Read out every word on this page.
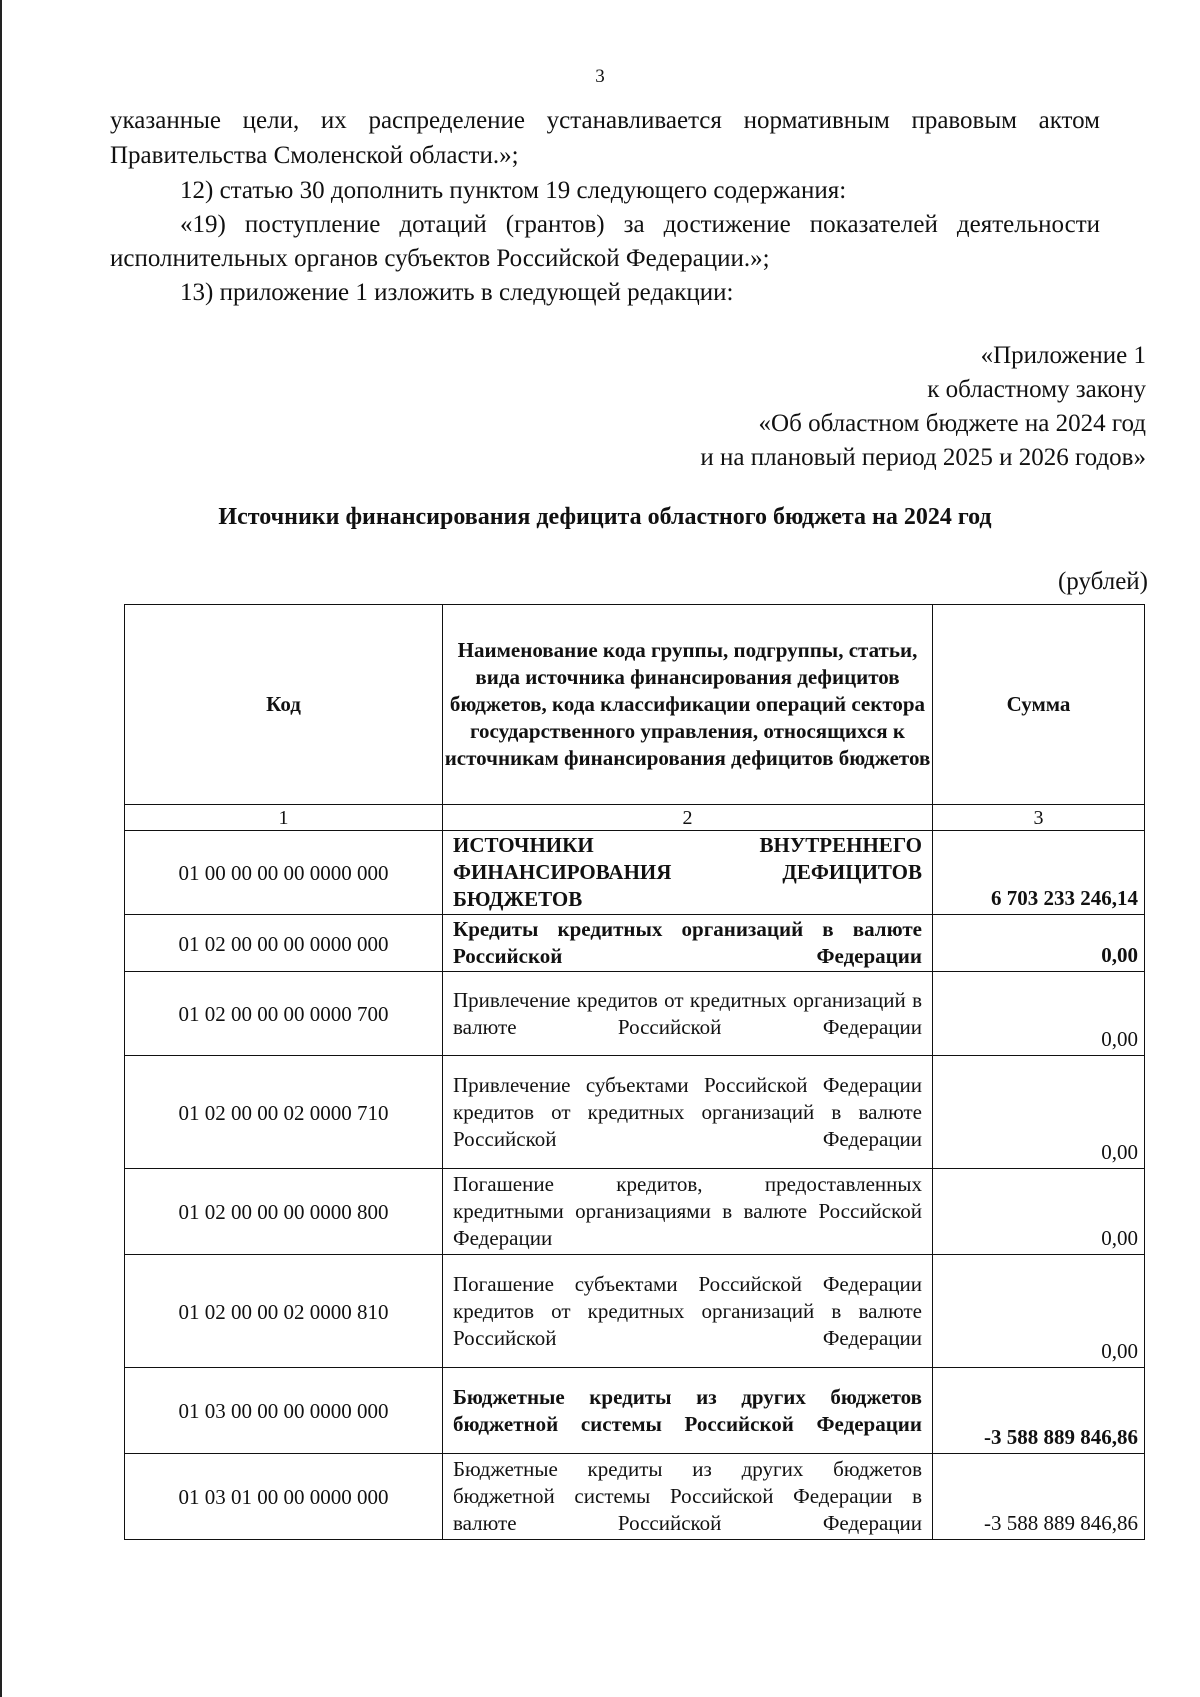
3
указанные цели, их распределение устанавливается нормативным правовым актом
Правительства Смоленской области.»;
12) статью 30 дополнить пунктом 19 следующего содержания:
«19) поступление дотаций (грантов) за достижение показателей деятельности
исполнительных органов субъектов Российской Федерации.»;
13) приложение 1 изложить в следующей редакции:
«Приложение 1
к областному закону
«Об областном бюджете на 2024 год
и на плановый период 2025 и 2026 годов»
Источники финансирования дефицита областного бюджета на 2024 год
(рублей)
Код	Наименование кода группы, подгруппы, статьи, вида источника финансирования дефицитов бюджетов, кода классификации операций сектора государственного управления, относящихся к источникам финансирования дефицитов бюджетов	Сумма
1	2	3
01 00 00 00 00 0000 000	ИСТОЧНИКИ ВНУТРЕННЕГО ФИНАНСИРОВАНИЯ ДЕФИЦИТОВ БЮДЖЕТОВ	6 703 233 246,14
01 02 00 00 00 0000 000	Кредиты кредитных организаций в валюте Российской Федерации	0,00
01 02 00 00 00 0000 700	Привлечение кредитов от кредитных организаций в валюте Российской Федерации	0,00
01 02 00 00 02 0000 710	Привлечение субъектами Российской Федерации кредитов от кредитных организаций в валюте Российской Федерации	0,00
01 02 00 00 00 0000 800	Погашение кредитов, предоставленных кредитными организациями в валюте Российской Федерации	0,00
01 02 00 00 02 0000 810	Погашение субъектами Российской Федерации кредитов от кредитных организаций в валюте Российской Федерации	0,00
01 03 00 00 00 0000 000	Бюджетные кредиты из других бюджетов бюджетной системы Российской Федерации	-3 588 889 846,86
01 03 01 00 00 0000 000	Бюджетные кредиты из других бюджетов бюджетной системы Российской Федерации в валюте Российской Федерации	-3 588 889 846,86
